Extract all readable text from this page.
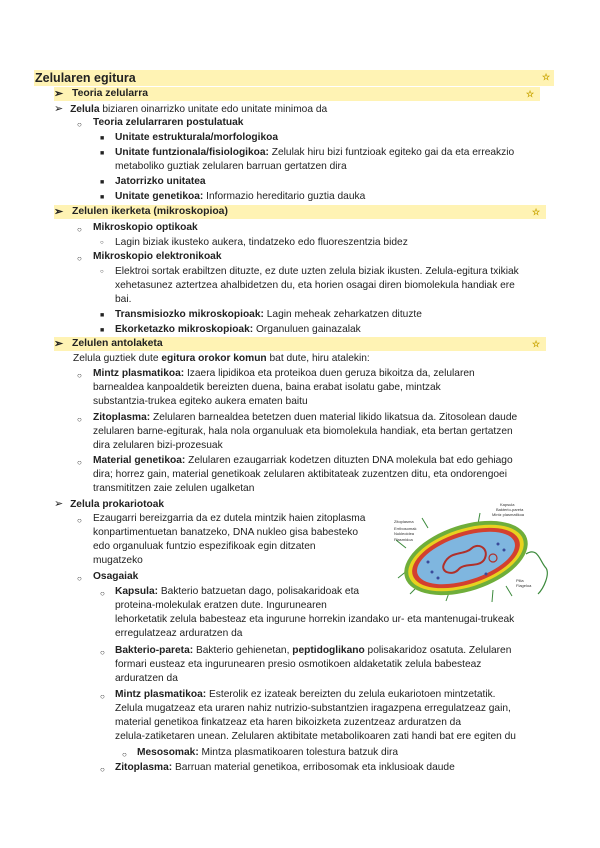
Zelularen egitura	☆
➢ Teoria zelularra	☆
➢ Zelula biziaren oinarrizko unitate edo unitate minimoa da
○ Teoria zelularraren postulatuak
■ Unitate estrukturala/morfologikoa
■ Unitate funtzionala/fisiologikoa: Zelulak hiru bizi funtzioak egiteko gai da eta erreakzio
metaboliko guztiak zelularen barruan gertatzen dira
■ Jatorrizko unitatea
■ Unitate genetikoa: Informazio hereditario guztia dauka
➢ Zelulen ikerketa (mikroskopioa)	☆
○ Mikroskopio optikoak
○ Lagin biziak ikusteko aukera, tindatzeko edo fluoreszentzia bidez
○ Mikroskopio elektronikoak
○ Elektroi sortak erabiltzen dituzte, ez dute uzten zelula biziak ikusten. Zelula-egitura txikiak
xehetasunez aztertzea ahalbidetzen du, eta horien osagai diren biomolekula handiak ere
bai.
■ Transmisiozko mikroskopioak: Lagin meheak zeharkatzen dituzte
■ Ekorketazko mikroskopioak: Organuluen gainazalak
➢ Zelulen antolaketa	☆
Zelula guztiek dute egitura orokor komun bat dute, hiru atalekin:
○ Mintz plasmatikoa: Izaera lipidikoa eta proteikoa duen geruza bikoitza da, zelularen
barnealdea kanpoaldetik bereizten duena, baina erabat isolatu gabe, mintzak
substantzia-trukea egiteko aukera ematen baitu
○ Zitoplasma: Zelularen barnealdea betetzen duen material likido likatsua da. Zitosolean daude
zelularen barne-egiturak, hala nola organuluak eta biomolekula handiak, eta bertan gertatzen
dira zelularen bizi-prozesuak
○ Material genetikoa: Zelularen ezaugarriak kodetzen dituzten DNA molekula bat edo gehiago
dira; horrez gain, material genetikoak zelularen aktibitateak zuzentzen ditu, eta ondorengoei
transmititzen zaie zelulen ugalketan
➢ Zelula prokariotoak
○ Ezaugarri bereizgarria da ez dutela mintzik haien zitoplasma
konpartimentuetan banatzeko, DNA nukleo gisa babesteko
edo organuluak funtzio espezifikoak egin ditzaten
mugatzeko
○ Osagaiak
○ Kapsula: Bakterio batzuetan dago, polisakaridoak eta
proteina-molekulak eratzen dute. Ingurunearen
lehorketatik zelula babesteaz eta ingurune horrekin izandako ur- eta mantenugai-trukeak
erregulatzeaz arduratzen da
○ Bakterio-pareta: Bakterio gehienetan, peptidoglikano polisakaridoz osatuta. Zelularen
formari eusteaz eta ingurunearen presio osmotikoen aldaketatik zelula babesteaz
arduratzen da
○ Mintz plasmatikoa: Esterolik ez izateak bereizten du zelula eukariotoen mintzetatik.
Zelula mugatzeaz eta uraren nahiz nutrizio-substantzien iragazpena erregulatzeaz gain,
material genetikoa finkatzeaz eta haren bikoizketa zuzentzeaz arduratzen da
zelula-zatiketaren unean. Zelularen aktibitate metabolikoaren zati handi bat ere egiten du
○ Mesosomak: Mintza plasmatikoaren tolestura batzuk dira
○ Zitoplasma: Barruan material genetikoa, erribosomak eta inklusioak daude
Kapsula
Bakterio-pareta
Mintz plasmatikoa
Zitoplasma
Erribosomak
Nukleoidea
Plasmidoa
Pilia
Flageloa
